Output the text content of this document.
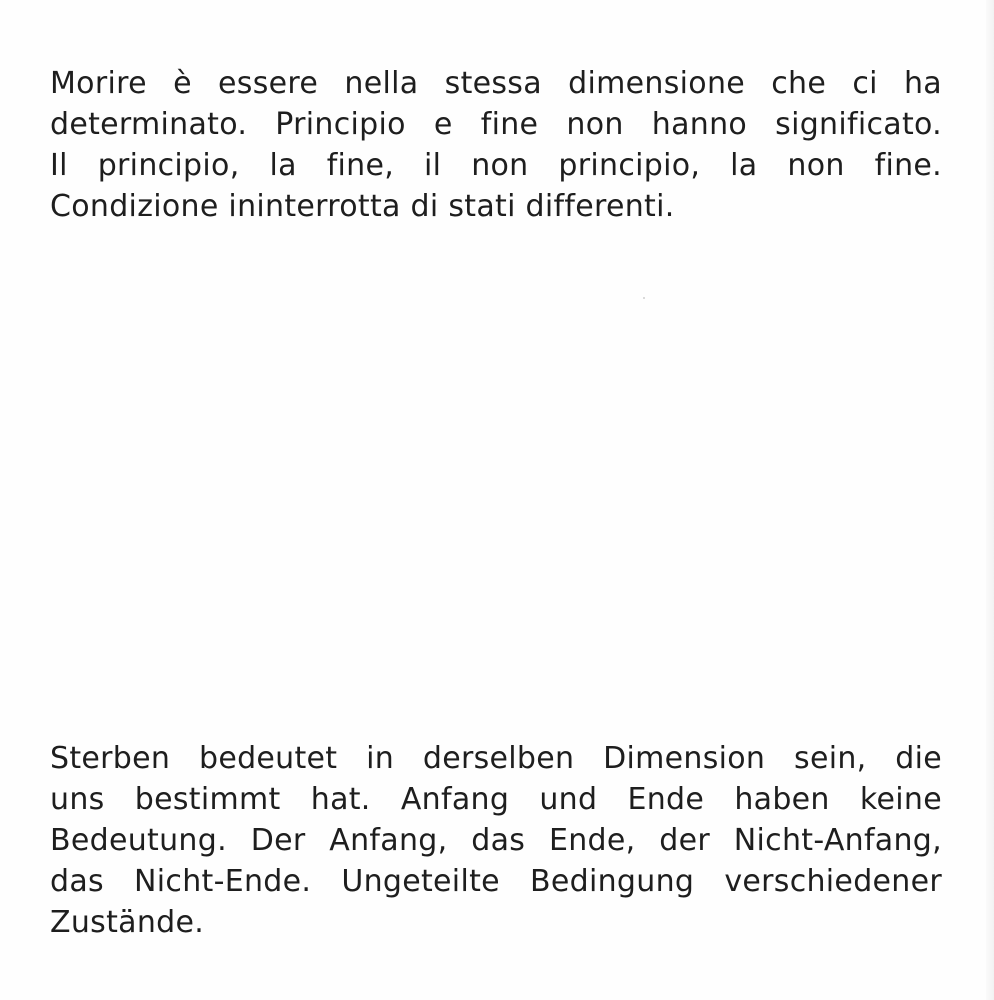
Morire è essere nella stessa dimensione che ci ha
determinato. Principio e fine non hanno significato.
Il principio, la fine, il non principio, la non fine.
Condizione ininterrotta di stati differenti.
Sterben bedeutet in derselben Dimension sein, die
uns bestimmt hat. Anfang und Ende haben keine
Bedeutung. Der Anfang, das Ende, der Nicht-Anfang,
das Nicht-Ende. Ungeteilte Bedingung verschiedener
Zustände.
